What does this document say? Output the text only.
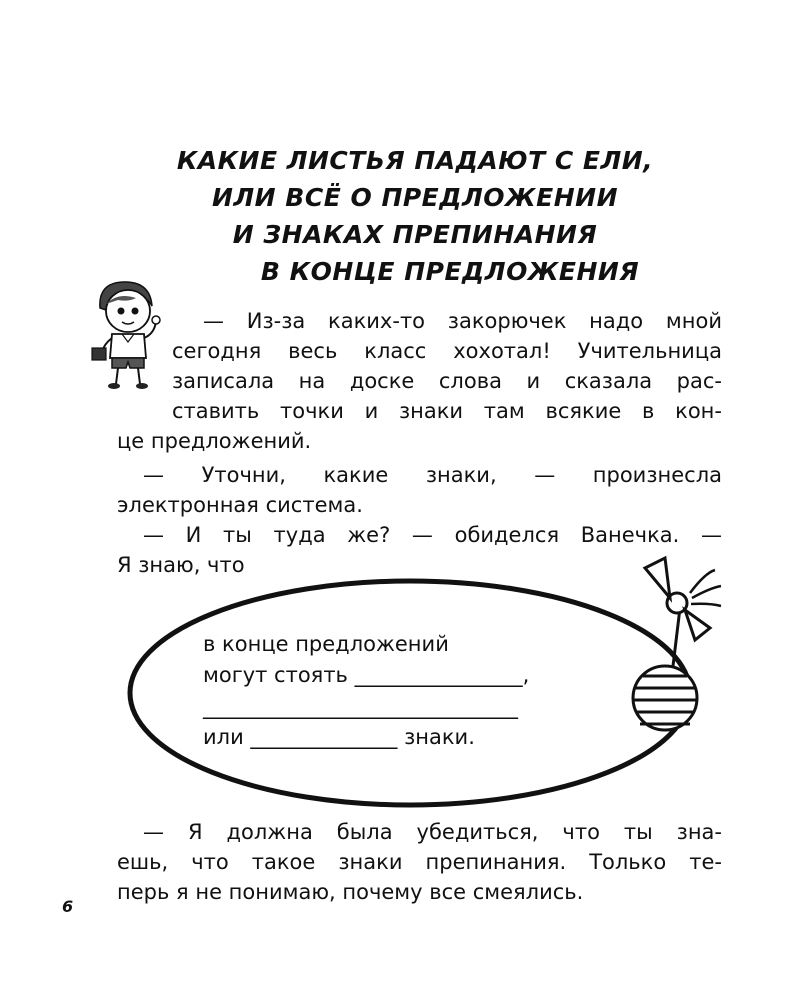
КАКИЕ ЛИСТЬЯ ПАДАЮТ С ЕЛИ,
ИЛИ ВСЁ О ПРЕДЛОЖЕНИИ
И ЗНАКАХ ПРЕПИНАНИЯ
В КОНЦЕ ПРЕДЛОЖЕНИЯ
— Из-за каких-то закорючек надо мной
сегодня весь класс хохотал! Учительница
записала на доске слова и сказала рас-
ставить точки и знаки там всякие в кон-
це предложений.
— Уточни, какие знаки, — произнесла
электронная система.
— И ты туда же? — обиделся Ванечка. —
Я знаю, что
в конце предложений
могут стоять ________________,
______________________________
или ______________ знаки.
— Я должна была убедиться, что ты зна-
ешь, что такое знаки препинания. Только те-
перь я не понимаю, почему все смеялись.
6
